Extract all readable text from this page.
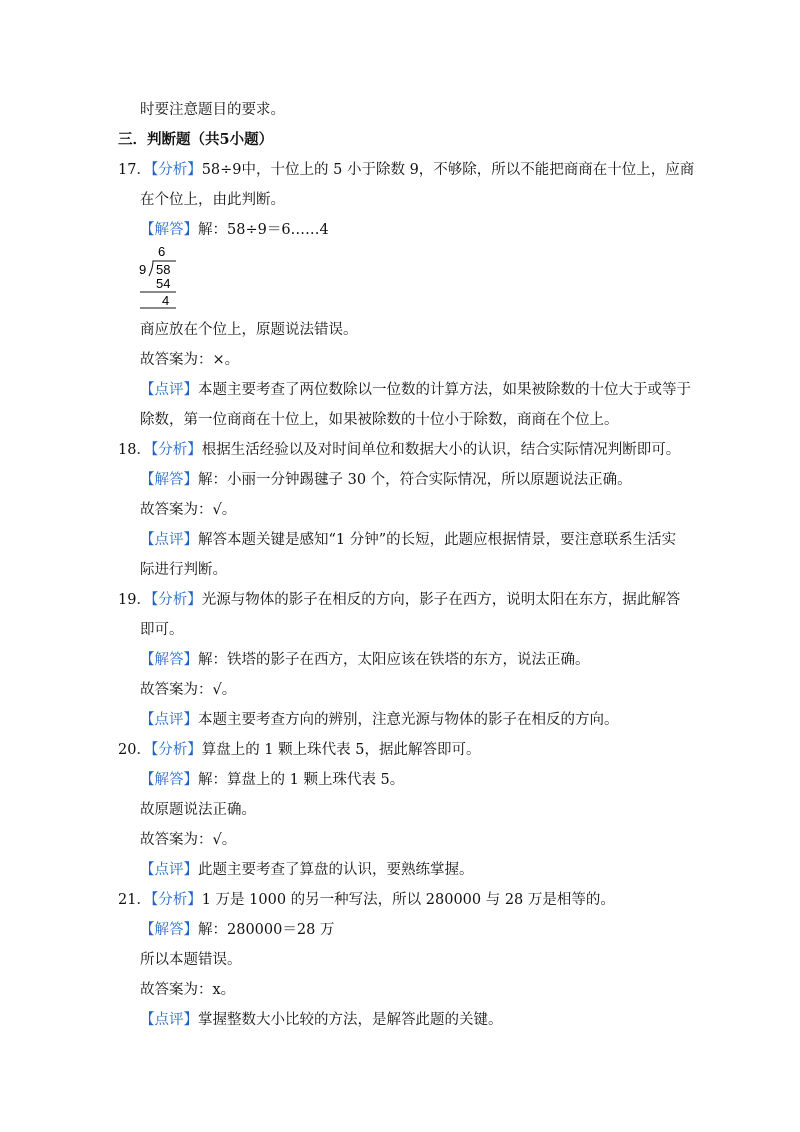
时要注意题目的要求。
三．判断题（共5小题）
17．【分析】58÷9中，十位上的 5 小于除数 9，不够除，所以不能把商商在十位上，应商
在个位上，由此判断。
【解答】解：58÷9＝6……4
6
9 58
54
4
商应放在个位上，原题说法错误。
故答案为：×。
【点评】本题主要考查了两位数除以一位数的计算方法，如果被除数的十位大于或等于
除数，第一位商商在十位上，如果被除数的十位小于除数，商商在个位上。
18．【分析】根据生活经验以及对时间单位和数据大小的认识，结合实际情况判断即可。
【解答】解：小丽一分钟踢毽子 30 个，符合实际情况，所以原题说法正确。
故答案为：√。
【点评】解答本题关键是感知“1 分钟”的长短，此题应根据情景，要注意联系生活实
际进行判断。
19．【分析】光源与物体的影子在相反的方向，影子在西方，说明太阳在东方，据此解答
即可。
【解答】解：铁塔的影子在西方，太阳应该在铁塔的东方，说法正确。
故答案为：√。
【点评】本题主要考查方向的辨别，注意光源与物体的影子在相反的方向。
20．【分析】算盘上的 1 颗上珠代表 5，据此解答即可。
【解答】解：算盘上的 1 颗上珠代表 5。
故原题说法正确。
故答案为：√。
【点评】此题主要考查了算盘的认识，要熟练掌握。
21．【分析】1 万是 1000 的另一种写法，所以 280000 与 28 万是相等的。
【解答】解：280000＝28 万
所以本题错误。
故答案为：x。
【点评】掌握整数大小比较的方法，是解答此题的关键。
